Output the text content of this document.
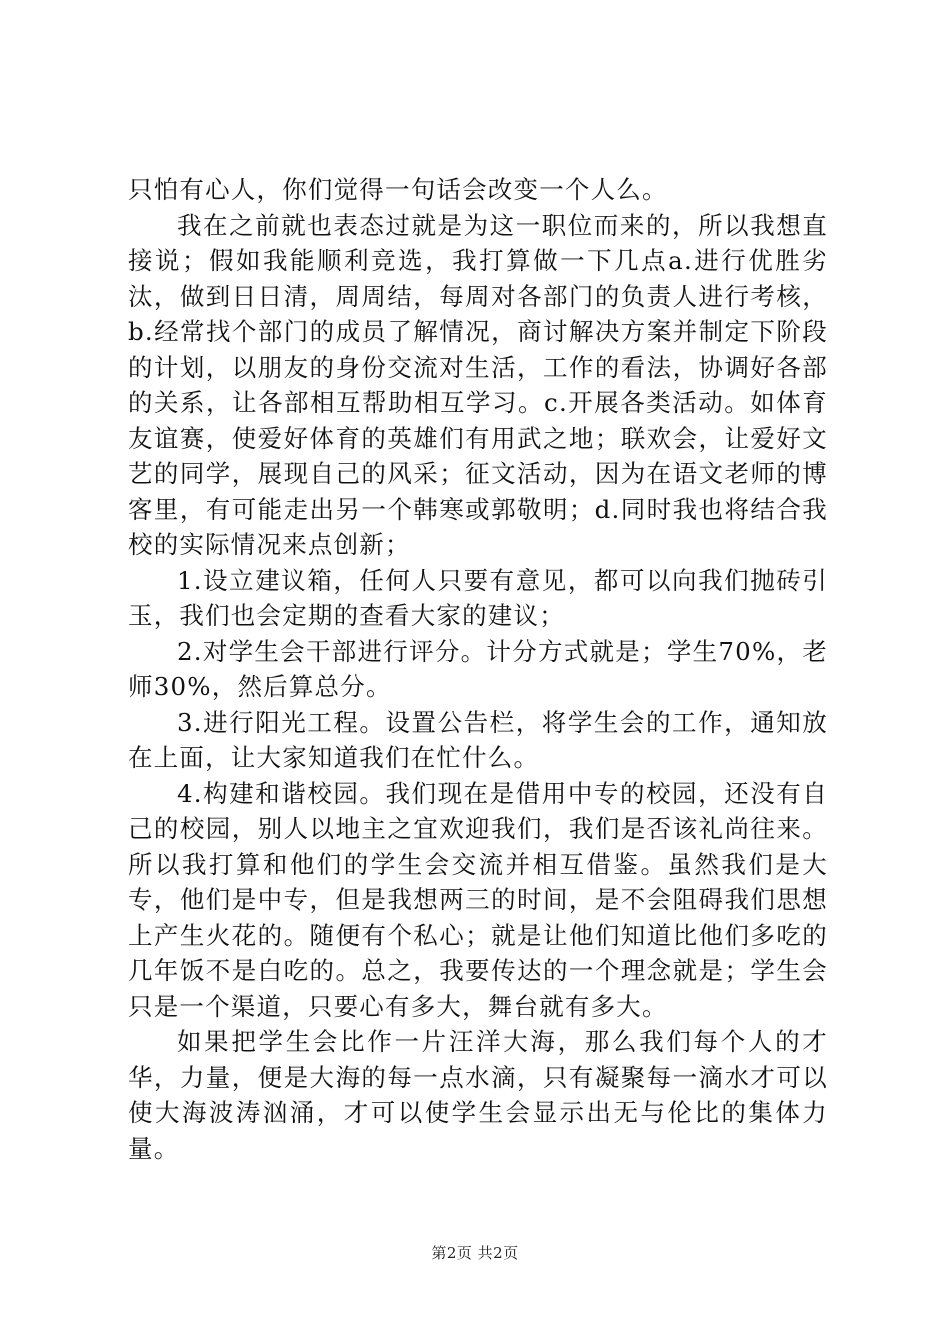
只怕有心人，你们觉得一句话会改变一个人么。

我在之前就也表态过就是为这一职位而来的，所以我想直接说；假如我能顺利竞选，我打算做一下几点a.进行优胜劣汰，做到日日清，周周结，每周对各部门的负责人进行考核，b.经常找个部门的成员了解情况，商讨解决方案并制定下阶段的计划，以朋友的身份交流对生活，工作的看法，协调好各部的关系，让各部相互帮助相互学习。c.开展各类活动。如体育友谊赛，使爱好体育的英雄们有用武之地；联欢会，让爱好文艺的同学，展现自己的风采；征文活动，因为在语文老师的博客里，有可能走出另一个韩寒或郭敬明；d.同时我也将结合我校的实际情况来点创新；

1.设立建议箱，任何人只要有意见，都可以向我们抛砖引玉，我们也会定期的查看大家的建议；

2.对学生会干部进行评分。计分方式就是；学生70%，老师30%，然后算总分。

3.进行阳光工程。设置公告栏，将学生会的工作，通知放在上面，让大家知道我们在忙什么。

4.构建和谐校园。我们现在是借用中专的校园，还没有自己的校园，别人以地主之宜欢迎我们，我们是否该礼尚往来。所以我打算和他们的学生会交流并相互借鉴。虽然我们是大专，他们是中专，但是我想两三的时间，是不会阻碍我们思想上产生火花的。随便有个私心；就是让他们知道比他们多吃的几年饭不是白吃的。总之，我要传达的一个理念就是；学生会只是一个渠道，只要心有多大，舞台就有多大。

如果把学生会比作一片汪洋大海，那么我们每个人的才华，力量，便是大海的每一点水滴，只有凝聚每一滴水才可以使大海波涛汹涌，才可以使学生会显示出无与伦比的集体力量。

第2页 共2页
